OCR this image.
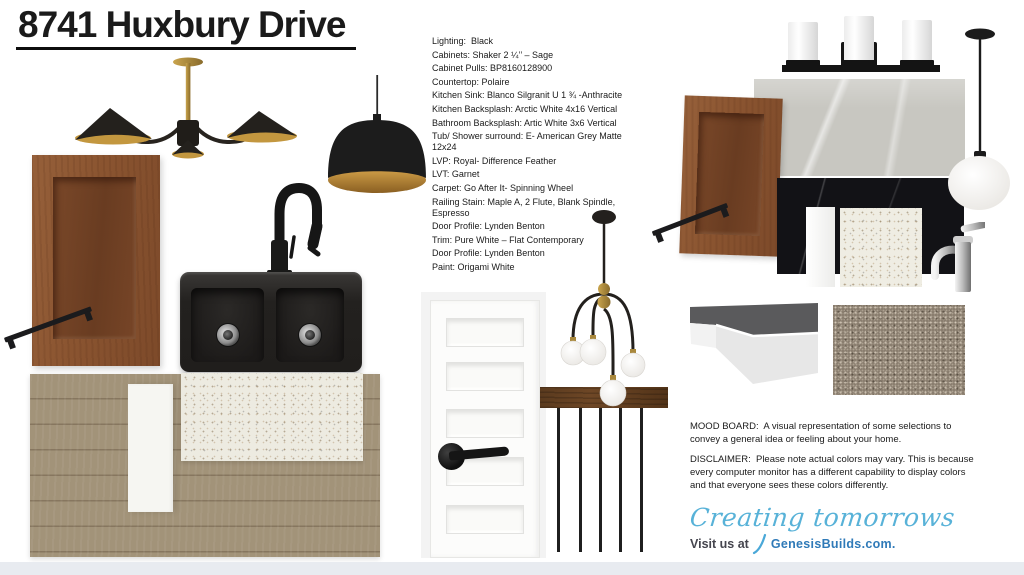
8741 Huxbury Drive	Lighting:  Black
Cabinets: Shaker 2 ¼’’ – Sage
Cabinet Pulls: BP8160128900
Countertop: Polaire
Kitchen Sink: Blanco Silgranit U 1 ¾ -Anthracite
Kitchen Backsplash: Arctic White 4x16 Vertical
Bathroom Backsplash: Artic White 3x6 Vertical
Tub/ Shower surround: E- American Grey Matte 12x24
LVP: Royal- Difference Feather
LVT: Garnet
Carpet: Go After It- Spinning Wheel
Railing Stain: Maple A, 2 Flute, Blank Spindle, Espresso
Door Profile: Lynden Benton
Trim: Pure White – Flat Contemporary
Door Profile: Lynden Benton
Paint: Origami White

MOOD BOARD:  A visual representation of some selections to convey a general idea or feeling about your home.

DISCLAIMER:  Please note actual colors may vary. This is because every computer monitor has a different capability to display colors and that everyone sees these colors differently.

Creating tomorrows
Visit us at GenesisBuilds.com.
